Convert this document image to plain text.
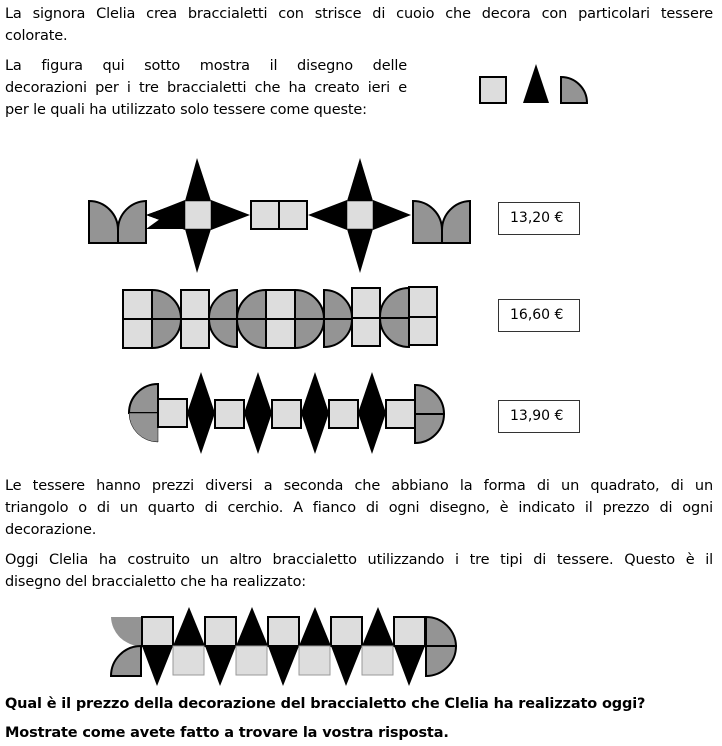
La signora Clelia crea braccialetti con strisce di cuoio che decora con particolari tessere

colorate.

La figura qui sotto mostra il disegno delle

decorazioni per i tre braccialetti che ha creato ieri e

per le quali ha utilizzato solo tessere come queste:

13,20 €
16,60 €
13,90 €

Le tessere hanno prezzi diversi a seconda che abbiano la forma di un quadrato, di un

triangolo o di un quarto di cerchio. A fianco di ogni disegno, è indicato il prezzo di ogni

decorazione.

Oggi Clelia ha costruito un altro braccialetto utilizzando i tre tipi di tessere. Questo è il

disegno del braccialetto che ha realizzato:

Qual è il prezzo della decorazione del braccialetto che Clelia ha realizzato oggi?

Mostrate come avete fatto a trovare la vostra risposta.
